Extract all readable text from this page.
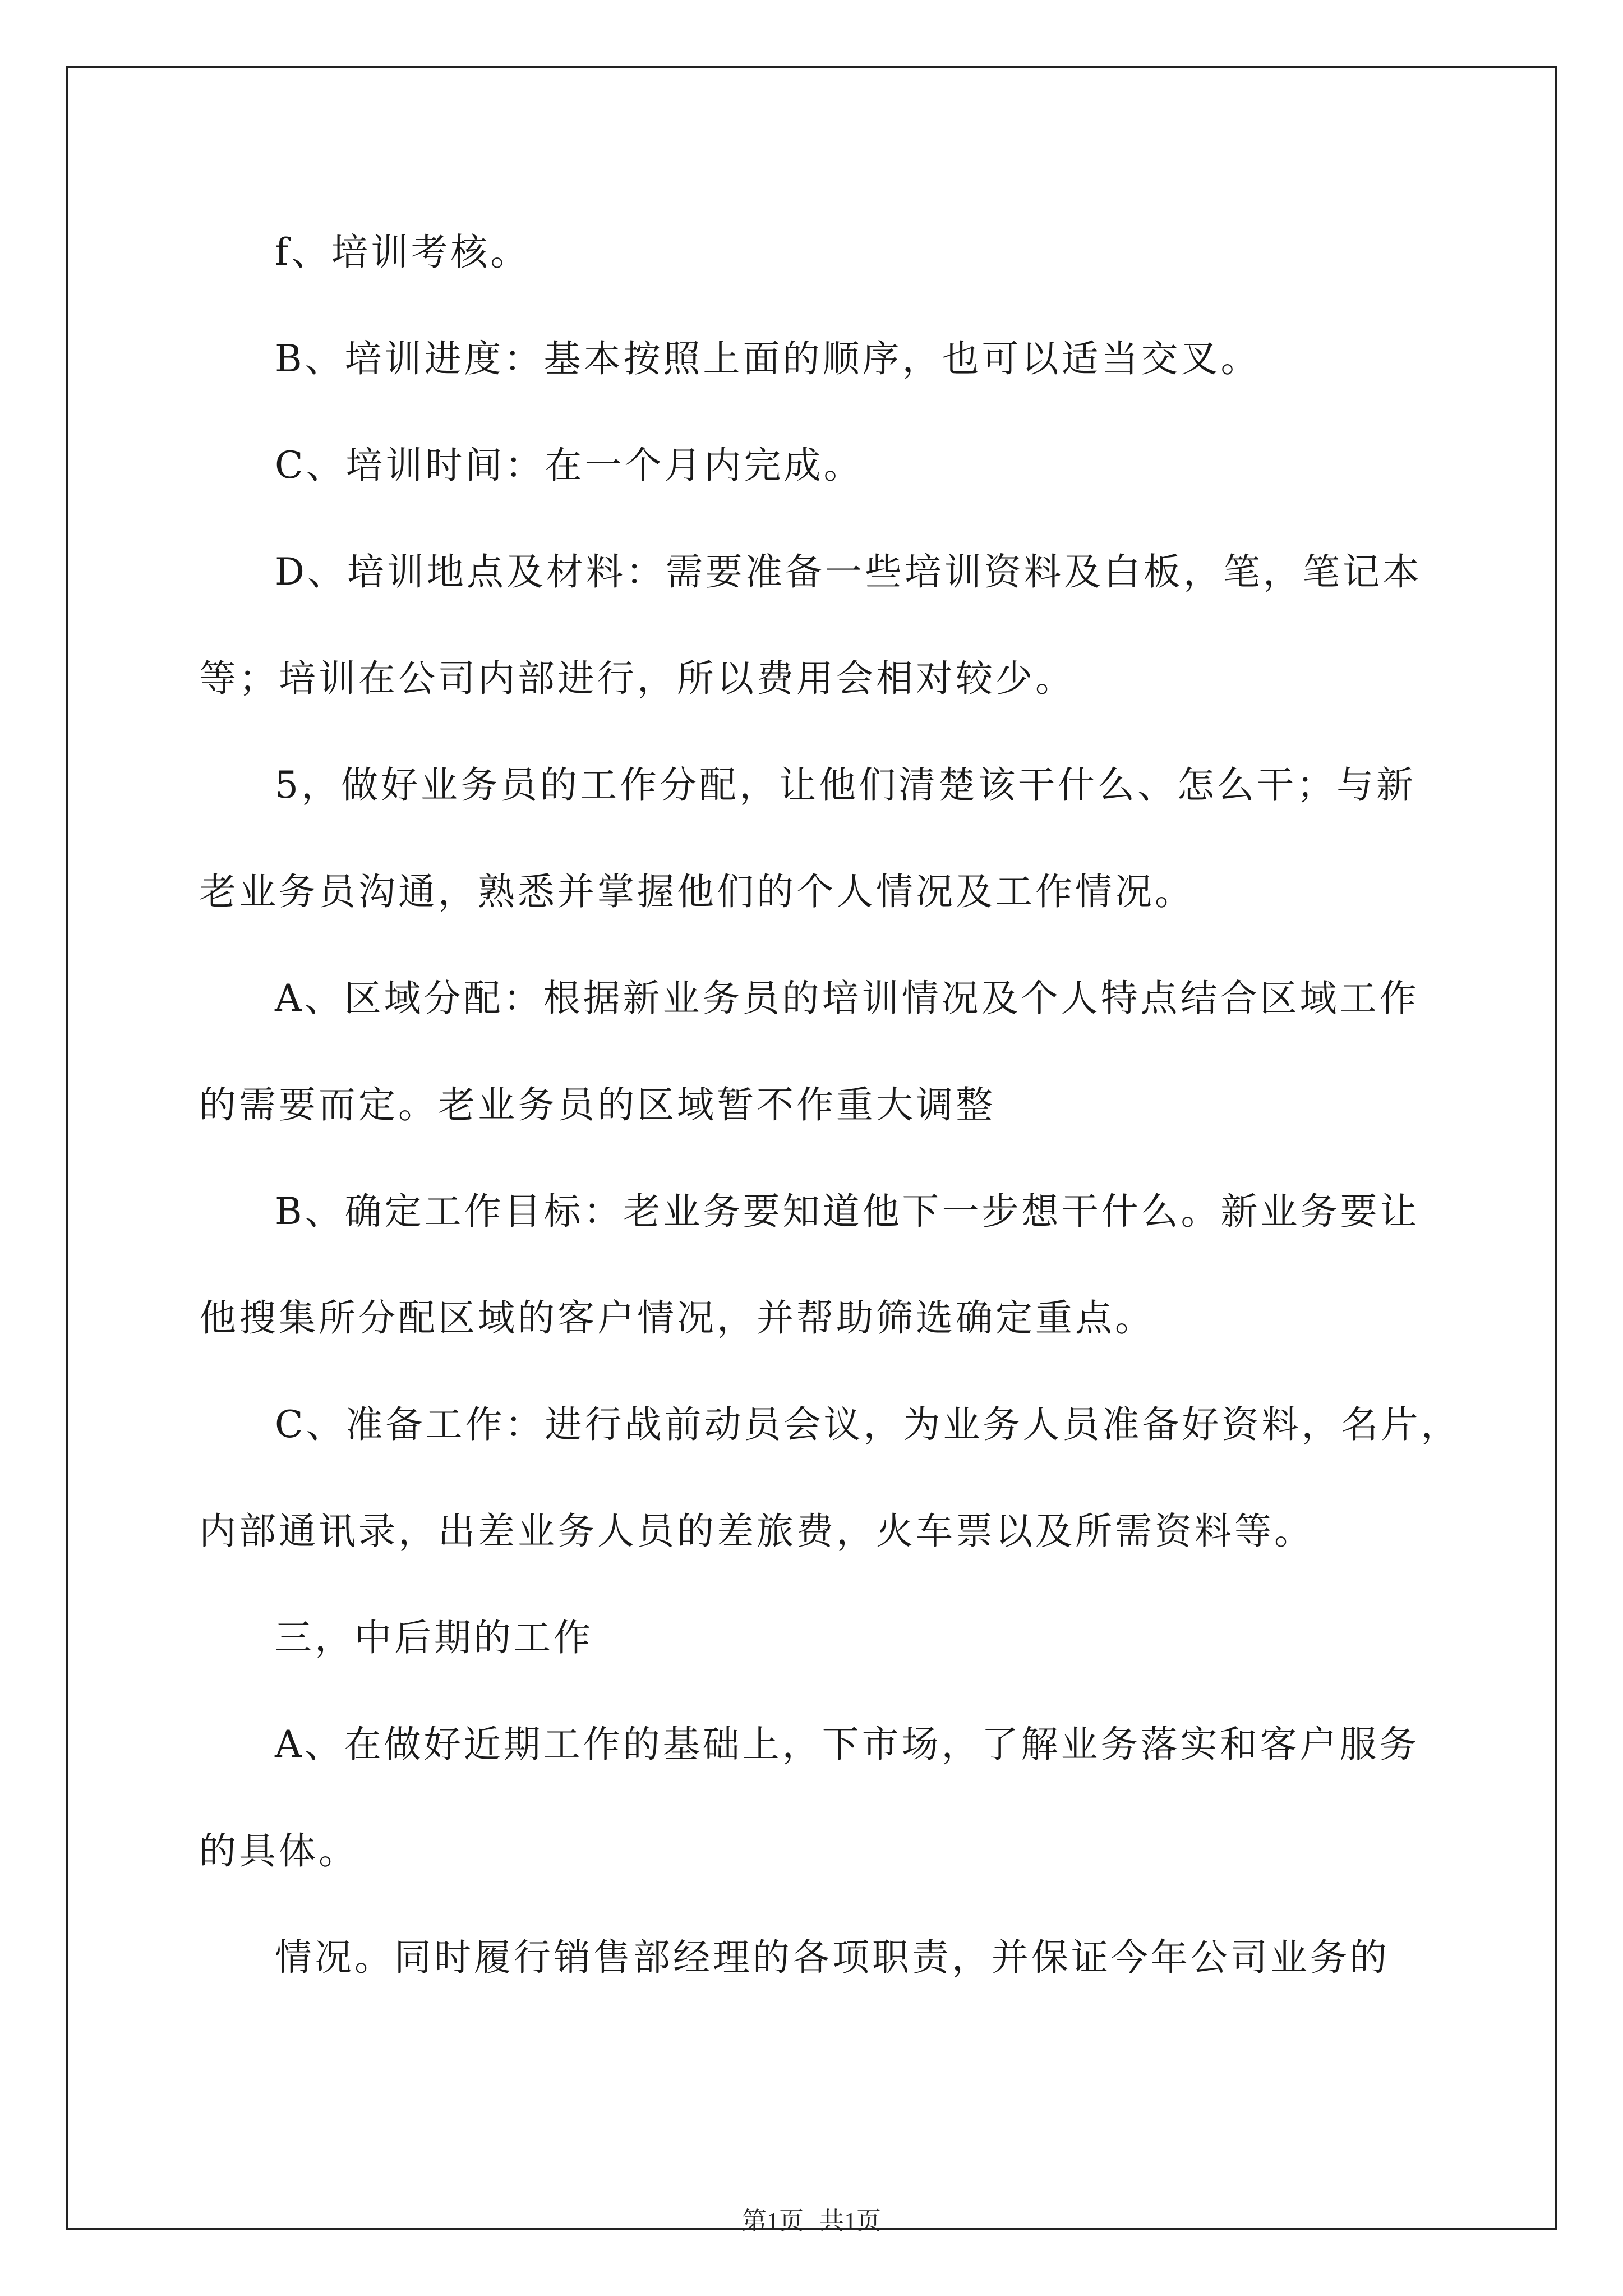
f、培训考核。
B、培训进度：基本按照上面的顺序，也可以适当交叉。
C、培训时间：在一个月内完成。
D、培训地点及材料：需要准备一些培训资料及白板，笔，笔记本
等；培训在公司内部进行，所以费用会相对较少。
5，做好业务员的工作分配，让他们清楚该干什么、怎么干；与新
老业务员沟通，熟悉并掌握他们的个人情况及工作情况。
A、区域分配：根据新业务员的培训情况及个人特点结合区域工作
的需要而定。老业务员的区域暂不作重大调整
B、确定工作目标：老业务要知道他下一步想干什么。新业务要让
他搜集所分配区域的客户情况，并帮助筛选确定重点。
C、准备工作：进行战前动员会议，为业务人员准备好资料，名片，
内部通讯录，出差业务人员的差旅费，火车票以及所需资料等。
三，中后期的工作
A、在做好近期工作的基础上，下市场，了解业务落实和客户服务
的具体。
情况。同时履行销售部经理的各项职责，并保证今年公司业务的
第1页 共1页
